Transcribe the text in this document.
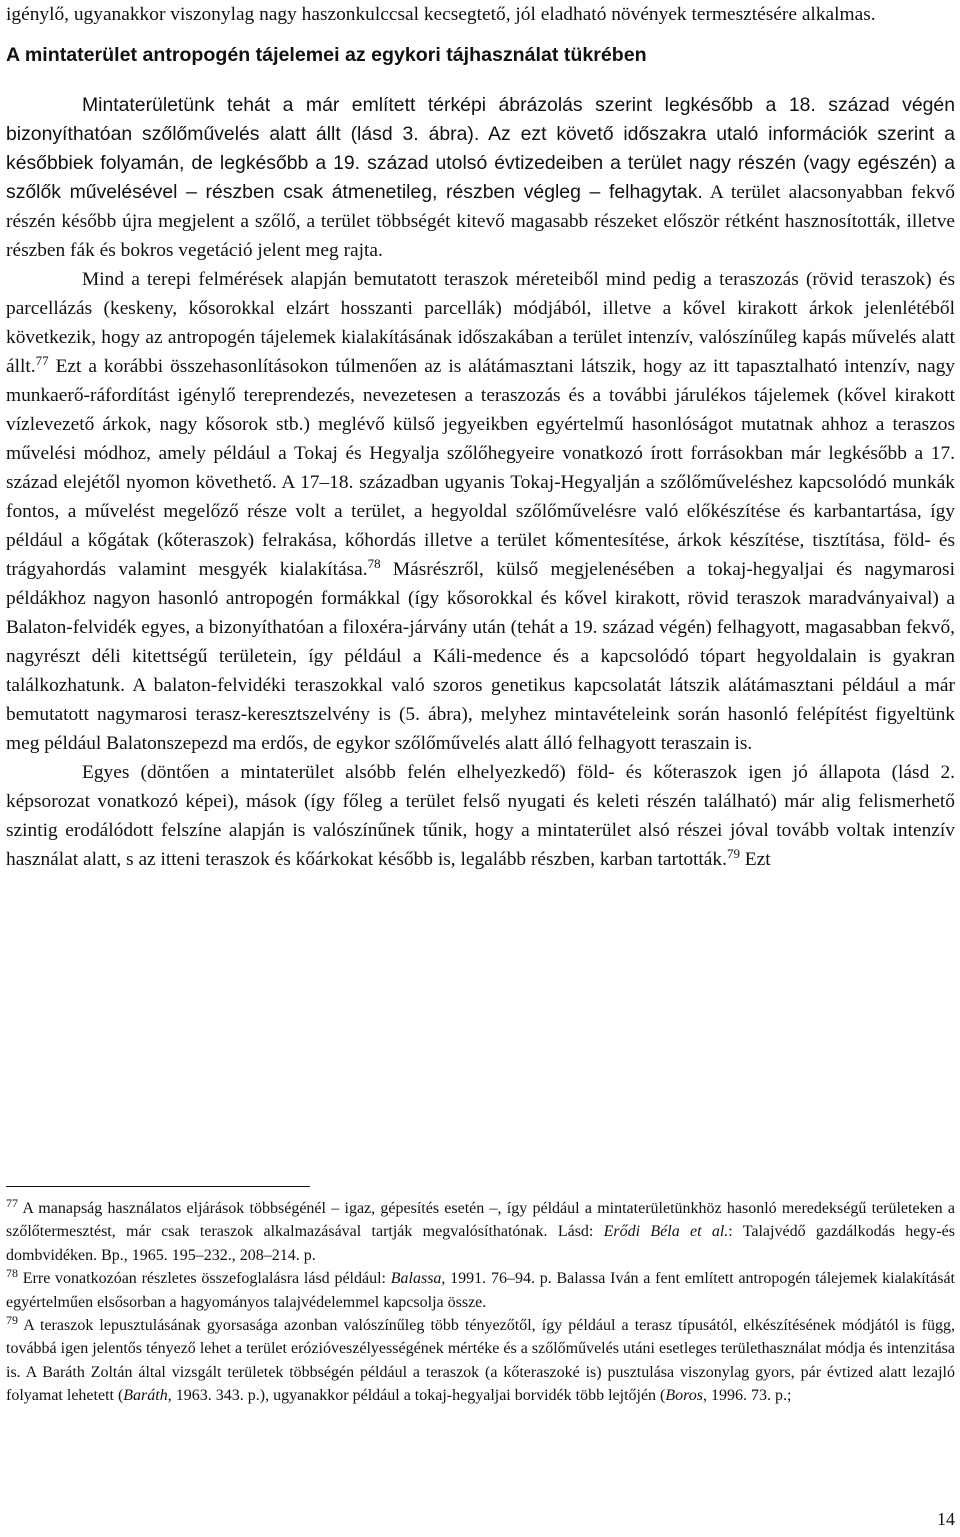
igénylő, ugyanakkor viszonylag nagy haszonkulccsal kecsegtető, jól eladható növények termesztésére alkalmas.

A mintaterület antropogén tájelemei az egykori tájhasználat tükrében

Mintaterületünk tehát a már említett térképi ábrázolás szerint legkésőbb a 18. század végén bizonyíthatóan szőlőművelés alatt állt (lásd 3. ábra). Az ezt követő időszakra utaló információk szerint a későbbiek folyamán, de legkésőbb a 19. század utolsó évtizedeiben a terület nagy részén (vagy egészén) a szőlők művelésével – részben csak átmenetileg, részben végleg – felhagytak. A terület alacsonyabban fekvő részén később újra megjelent a szőlő, a terület többségét kitevő magasabb részeket először rétként hasznosították, illetve részben fák és bokros vegetáció jelent meg rajta.

Mind a terepi felmérések alapján bemutatott teraszok méreteiből mind pedig a teraszozás (rövid teraszok) és parcellázás (keskeny, kősorokkal elzárt hosszanti parcellák) módjából, illetve a kővel kirakott árkok jelenlétéből következik, hogy az antropogén tájelemek kialakításának időszakában a terület intenzív, valószínűleg kapás művelés alatt állt.$^{77}$ Ezt a korábbi összehasonlításokon túlmenően az is alátámasztani látszik, hogy az itt tapasztalható intenzív, nagy munkaerő-ráfordítást igénylő tereprendezés, nevezetesen a teraszozás és a további járulékos tájelemek (kővel kirakott vízlevezető árkok, nagy kősorok stb.) meglévő külső jegyeikben egyértelmű hasonlóságot mutatnak ahhoz a teraszos művelési módhoz, amely például a Tokaj és Hegyalja szőlőhegyeire vonatkozó írott forrásokban már legkésőbb a 17. század elejétől nyomon követhető. A 17–18. században ugyanis Tokaj-Hegyalján a szőlőműveléshez kapcsolódó munkák fontos, a művelést megelőző része volt a terület, a hegyoldal szőlőművelésre való előkészítése és karbantartása, így például a kőgátak (kőteraszok) felrakása, kőhordás illetve a terület kőmentesítése, árkok készítése, tisztítása, föld- és trágyahordás valamint mesgyék kialakítása.$^{78}$ Másrészről, külső megjelenésében a tokaj-hegyaljai és nagymarosi példákhoz nagyon hasonló antropogén formákkal (így kősorokkal és kővel kirakott, rövid teraszok maradványaival) a Balaton-felvidék egyes, a bizonyíthatóan a filoxéra-járvány után (tehát a 19. század végén) felhagyott, magasabban fekvő, nagyrészt déli kitettségű területein, így például a Káli-medence és a kapcsolódó tópart hegyoldalain is gyakran találkozhatunk. A balaton-felvidéki teraszokkal való szoros genetikus kapcsolatát látszik alátámasztani például a már bemutatott nagymarosi terasz-keresztszelvény is (5. ábra), melyhez mintavételeink során hasonló felépítést figyeltünk meg például Balatonszepezd ma erdős, de egykor szőlőművelés alatt álló felhagyott teraszain is.

Egyes (döntően a mintaterület alsóbb felén elhelyezkedő) föld- és kőteraszok igen jó állapota (lásd 2. képsorozat vonatkozó képei), mások (így főleg a terület felső nyugati és keleti részén található) már alig felismerhető szintig erodálódott felszíne alapján is valószínűnek tűnik, hogy a mintaterület alsó részei jóval tovább voltak intenzív használat alatt, s az itteni teraszok és kőárkokat később is, legalább részben, karban tartották.$^{79}$ Ezt

$^{77}$ A manapság használatos eljárások többségénél – igaz, gépesítés esetén –, így például a mintaterületünkhöz hasonló meredekségű területeken a szőlőtermesztést, már csak teraszok alkalmazásával tartják megvalósíthatónak. Lásd: Erődi Béla et al.: Talajvédő gazdálkodás hegy-és dombvidéken. Bp., 1965. 195–232., 208–214. p.

$^{78}$ Erre vonatkozóan részletes összefoglalásra lásd például: Balassa, 1991. 76–94. p. Balassa Iván a fent említett antropogén tálejemek kialakítását egyértelműen elsősorban a hagyományos talajvédelemmel kapcsolja össze.

$^{79}$ A teraszok lepusztulásának gyorsasága azonban valószínűleg több tényezőtől, így például a terasz típusától, elkészítésének módjától is függ, továbbá igen jelentős tényező lehet a terület erózióveszélyességének mértéke és a szőlőművelés utáni esetleges területhasználat módja és intenzitása is. A Baráth Zoltán által vizsgált területek többségén például a teraszok (a kőteraszoké is) pusztulása viszonylag gyors, pár évtized alatt lezajló folyamat lehetett (Baráth, 1963. 343. p.), ugyanakkor például a tokaj-hegyaljai borvidék több lejtőjén (Boros, 1996. 73. p.;

14
